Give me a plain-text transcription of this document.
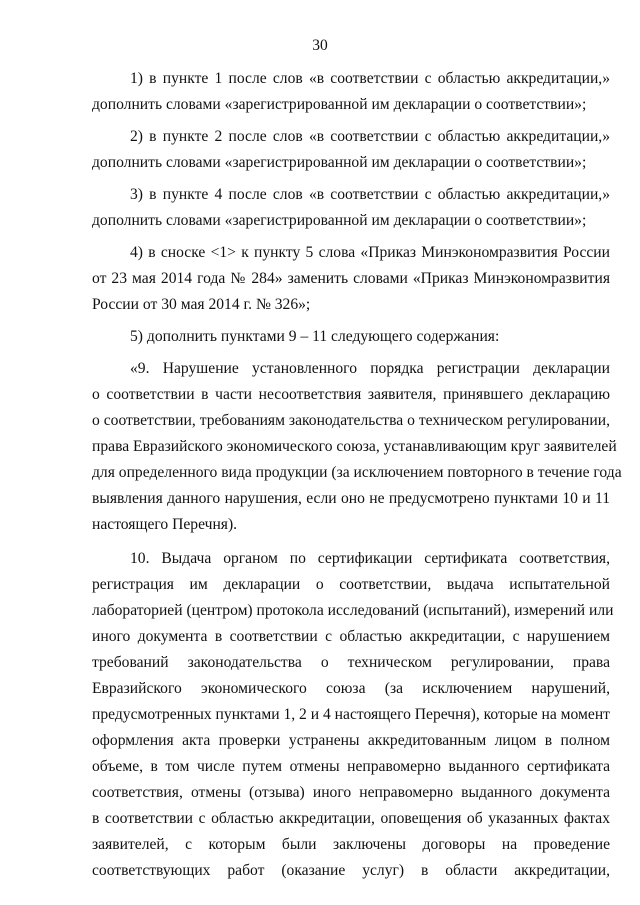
30
1) в пункте 1 после слов «в соответствии с областью аккредитации,»
дополнить словами «зарегистрированной им декларации о соответствии»;
2) в пункте 2 после слов «в соответствии с областью аккредитации,»
дополнить словами «зарегистрированной им декларации о соответствии»;
3) в пункте 4 после слов «в соответствии с областью аккредитации,»
дополнить словами «зарегистрированной им декларации о соответствии»;
4) в сноске <1> к пункту 5 слова «Приказ Минэкономразвития России
от 23 мая 2014 года № 284» заменить словами «Приказ Минэкономразвития
России от 30 мая 2014 г. № 326»;
5) дополнить пунктами 9 – 11 следующего содержания:
«9. Нарушение установленного порядка регистрации декларации
о соответствии в части несоответствия заявителя, принявшего декларацию
о соответствии, требованиям законодательства о техническом регулировании,
права Евразийского экономического союза, устанавливающим круг заявителей
для определенного вида продукции (за исключением повторного в течение года
выявления данного нарушения, если оно не предусмотрено пунктами 10 и 11
настоящего Перечня).
10. Выдача органом по сертификации сертификата соответствия,
регистрация им декларации о соответствии, выдача испытательной
лабораторией (центром) протокола исследований (испытаний), измерений или
иного документа в соответствии с областью аккредитации, с нарушением
требований законодательства о техническом регулировании, права
Евразийского экономического союза (за исключением нарушений,
предусмотренных пунктами 1, 2 и 4 настоящего Перечня), которые на момент
оформления акта проверки устранены аккредитованным лицом в полном
объеме, в том числе путем отмены неправомерно выданного сертификата
соответствия, отмены (отзыва) иного неправомерно выданного документа
в соответствии с областью аккредитации, оповещения об указанных фактах
заявителей, с которым были заключены договоры на проведение
соответствующих работ (оказание услуг) в области аккредитации,
